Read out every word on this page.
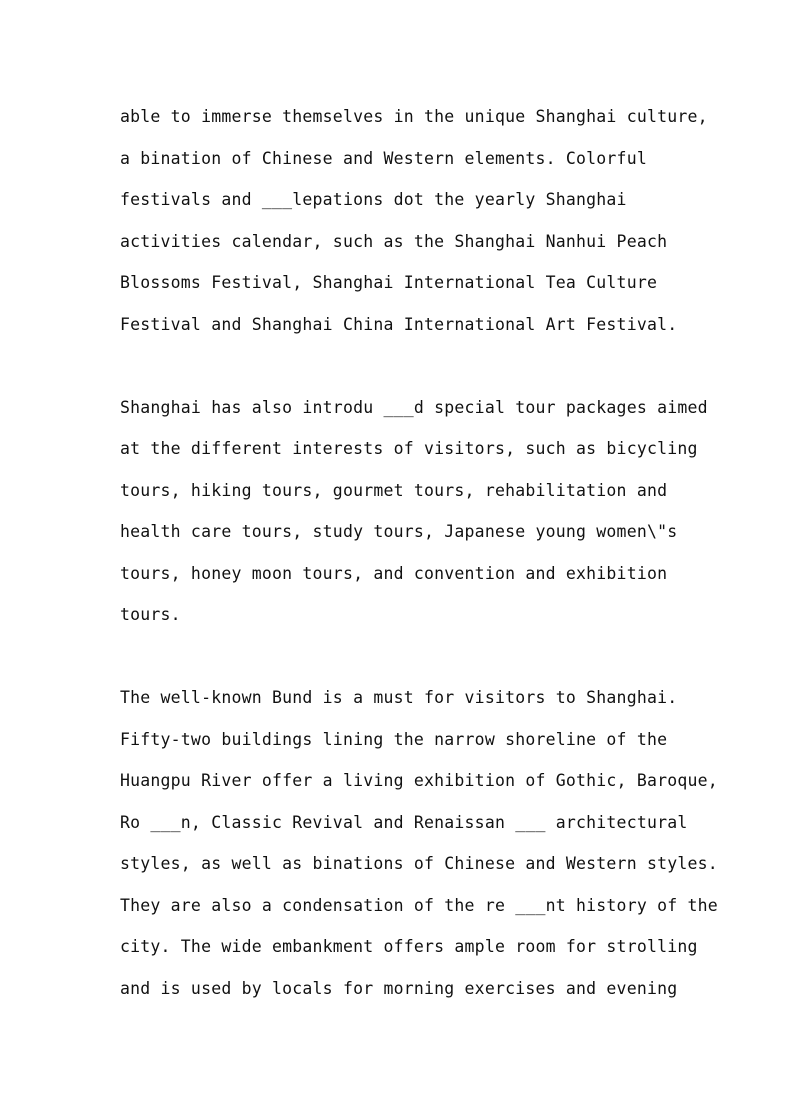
able to immerse themselves in the unique Shanghai culture,
a bination of Chinese and Western elements. Colorful
festivals and ___lepations dot the yearly Shanghai
activities calendar, such as the Shanghai Nanhui Peach
Blossoms Festival, Shanghai International Tea Culture
Festival and Shanghai China International Art Festival.
Shanghai has also introdu ___d special tour packages aimed
at the different interests of visitors, such as bicycling
tours, hiking tours, gourmet tours, rehabilitation and
health care tours, study tours, Japanese young women\"s
tours, honey moon tours, and convention and exhibition
tours.
The well-known Bund is a must for visitors to Shanghai.
Fifty-two buildings lining the narrow shoreline of the
Huangpu River offer a living exhibition of Gothic, Baroque,
Ro ___n, Classic Revival and Renaissan ___ architectural
styles, as well as binations of Chinese and Western styles.
They are also a condensation of the re ___nt history of the
city. The wide embankment offers ample room for strolling
and is used by locals for morning exercises and evening
